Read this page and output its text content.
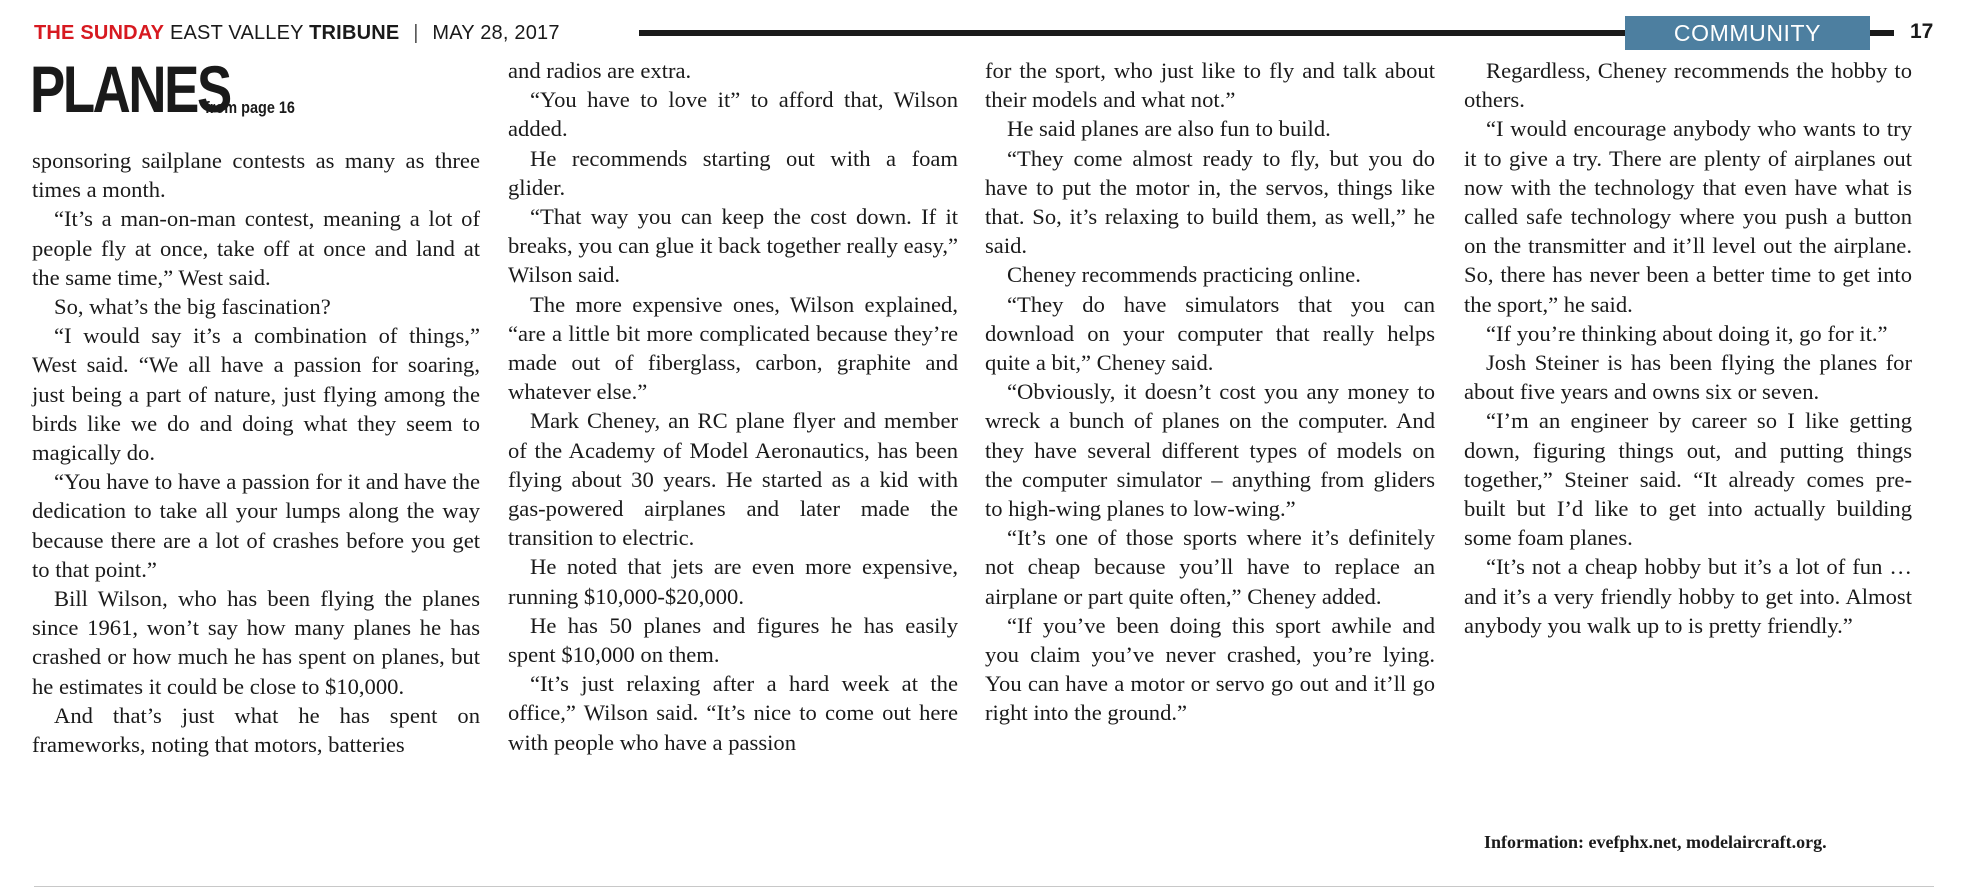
THE SUNDAY EAST VALLEY TRIBUNE | MAY 28, 2017	COMMUNITY	17
PLANES
from page 16

sponsoring sailplane contests as many as three times a month.

“It’s a man-on-man contest, meaning a lot of people fly at once, take off at once and land at the same time,” West said.

So, what’s the big fascination?

“I would say it’s a combination of things,” West said. “We all have a passion for soaring, just being a part of nature, just flying among the birds like we do and doing what they seem to magically do.

“You have to have a passion for it and have the dedication to take all your lumps along the way because there are a lot of crashes before you get to that point.”

Bill Wilson, who has been flying the planes since 1961, won’t say how many planes he has crashed or how much he has spent on planes, but he estimates it could be close to $10,000.

And that’s just what he has spent on frameworks, noting that motors, batteries

and radios are extra.

“You have to love it” to afford that, Wilson added.

He recommends starting out with a foam glider.

“That way you can keep the cost down. If it breaks, you can glue it back together really easy,” Wilson said.

The more expensive ones, Wilson explained, “are a little bit more complicated because they’re made out of fiberglass, carbon, graphite and whatever else.”

Mark Cheney, an RC plane flyer and member of the Academy of Model Aeronautics, has been flying about 30 years. He started as a kid with gas-powered airplanes and later made the transition to electric.

He noted that jets are even more expensive, running $10,000-$20,000.

He has 50 planes and figures he has easily spent $10,000 on them.

“It’s just relaxing after a hard week at the office,” Wilson said. “It’s nice to come out here with people who have a passion

for the sport, who just like to fly and talk about their models and what not.”

He said planes are also fun to build.

“They come almost ready to fly, but you do have to put the motor in, the servos, things like that. So, it’s relaxing to build them, as well,” he said.

Cheney recommends practicing online.

“They do have simulators that you can download on your computer that really helps quite a bit,” Cheney said.

“Obviously, it doesn’t cost you any money to wreck a bunch of planes on the computer. And they have several different types of models on the computer simulator – anything from gliders to high-wing planes to low-wing.”

“It’s one of those sports where it’s definitely not cheap because you’ll have to replace an airplane or part quite often,” Cheney added.

“If you’ve been doing this sport awhile and you claim you’ve never crashed, you’re lying. You can have a motor or servo go out and it’ll go right into the ground.”

Regardless, Cheney recommends the hobby to others.

“I would encourage anybody who wants to try it to give a try. There are plenty of airplanes out now with the technology that even have what is called safe technology where you push a button on the transmitter and it’ll level out the airplane. So, there has never been a better time to get into the sport,” he said.

“If you’re thinking about doing it, go for it.”

Josh Steiner is has been flying the planes for about five years and owns six or seven.

“I’m an engineer by career so I like getting down, figuring things out, and putting things together,” Steiner said. “It already comes pre-built but I’d like to get into actually building some foam planes.

“It’s not a cheap hobby but it’s a lot of fun … and it’s a very friendly hobby to get into. Almost anybody you walk up to is pretty friendly.”

Information: evefphx.net, modelaircraft.org.
